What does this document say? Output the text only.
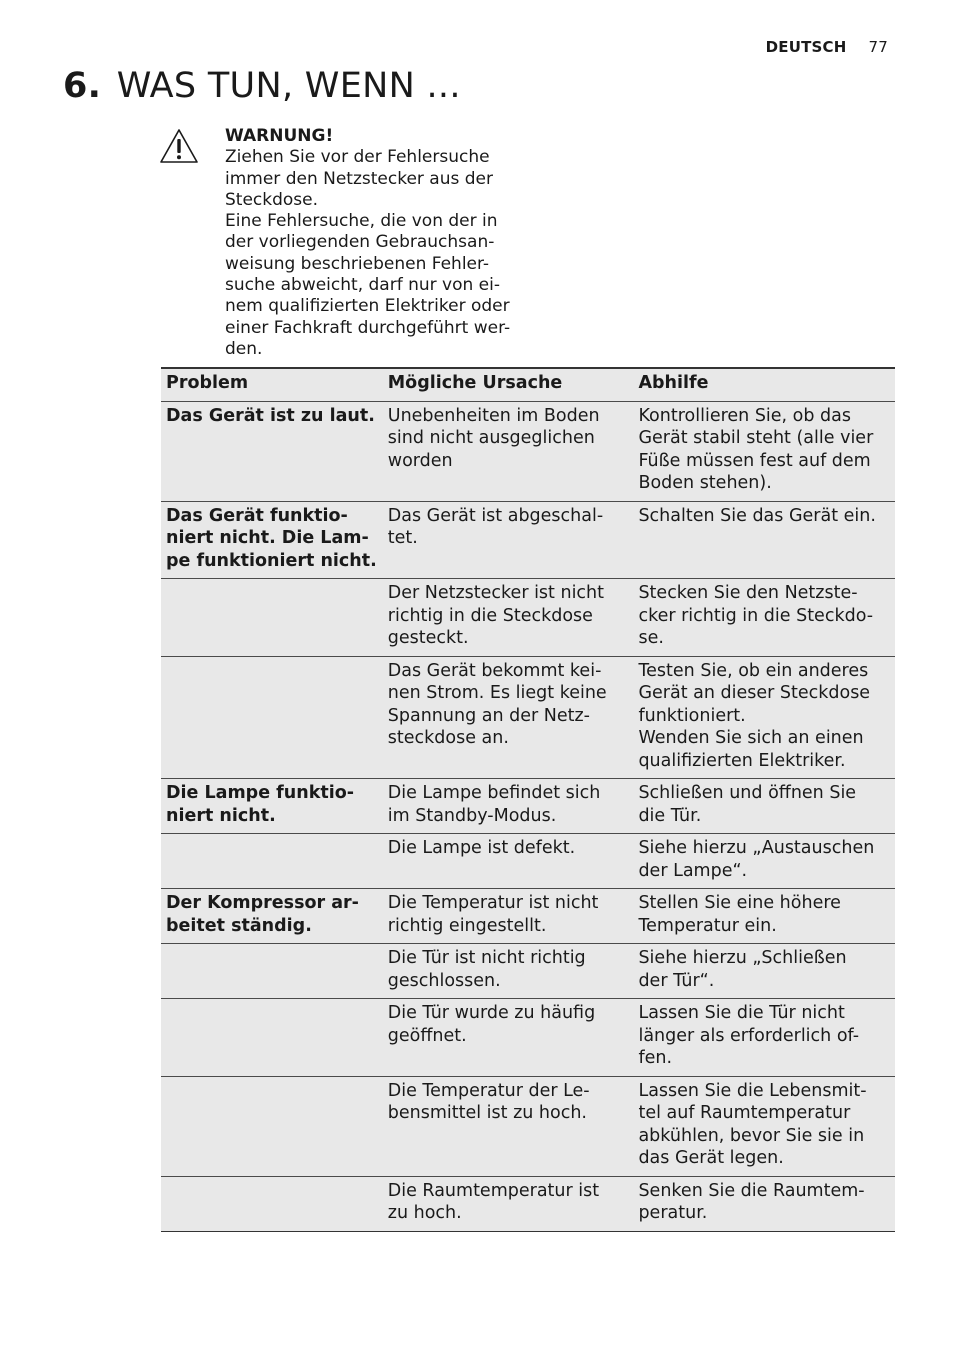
DEUTSCH 77
6. WAS TUN, WENN ...
WARNUNG!
Ziehen Sie vor der Fehlersuche
immer den Netzstecker aus der
Steckdose.
Eine Fehlersuche, die von der in
der vorliegenden Gebrauchsan-
weisung beschriebenen Fehler-
suche abweicht, darf nur von ei-
nem qualifizierten Elektriker oder
einer Fachkraft durchgeführt wer-
den.
Problem	Mögliche Ursache	Abhilfe

Das Gerät ist zu laut.	Unebenheiten im Boden
sind nicht ausgeglichen
worden	Kontrollieren Sie, ob das
Gerät stabil steht (alle vier
Füße müssen fest auf dem
Boden stehen).

Das Gerät funktio-
niert nicht. Die Lam-
pe funktioniert nicht.	Das Gerät ist abgeschal-
tet.	Schalten Sie das Gerät ein.

	Der Netzstecker ist nicht
richtig in die Steckdose
gesteckt.	Stecken Sie den Netzste-
cker richtig in die Steckdo-
se.

	Das Gerät bekommt kei-
nen Strom. Es liegt keine
Spannung an der Netz-
steckdose an.	Testen Sie, ob ein anderes
Gerät an dieser Steckdose
funktioniert.
Wenden Sie sich an einen
qualifizierten Elektriker.

Die Lampe funktio-
niert nicht.	Die Lampe befindet sich
im Standby-Modus.	Schließen und öffnen Sie
die Tür.

	Die Lampe ist defekt.	Siehe hierzu „Austauschen
der Lampe“.

Der Kompressor ar-
beitet ständig.	Die Temperatur ist nicht
richtig eingestellt.	Stellen Sie eine höhere
Temperatur ein.

	Die Tür ist nicht richtig
geschlossen.	Siehe hierzu „Schließen
der Tür“.

	Die Tür wurde zu häufig
geöffnet.	Lassen Sie die Tür nicht
länger als erforderlich of-
fen.

	Die Temperatur der Le-
bensmittel ist zu hoch.	Lassen Sie die Lebensmit-
tel auf Raumtemperatur
abkühlen, bevor Sie sie in
das Gerät legen.

	Die Raumtemperatur ist
zu hoch.	Senken Sie die Raumtem-
peratur.
